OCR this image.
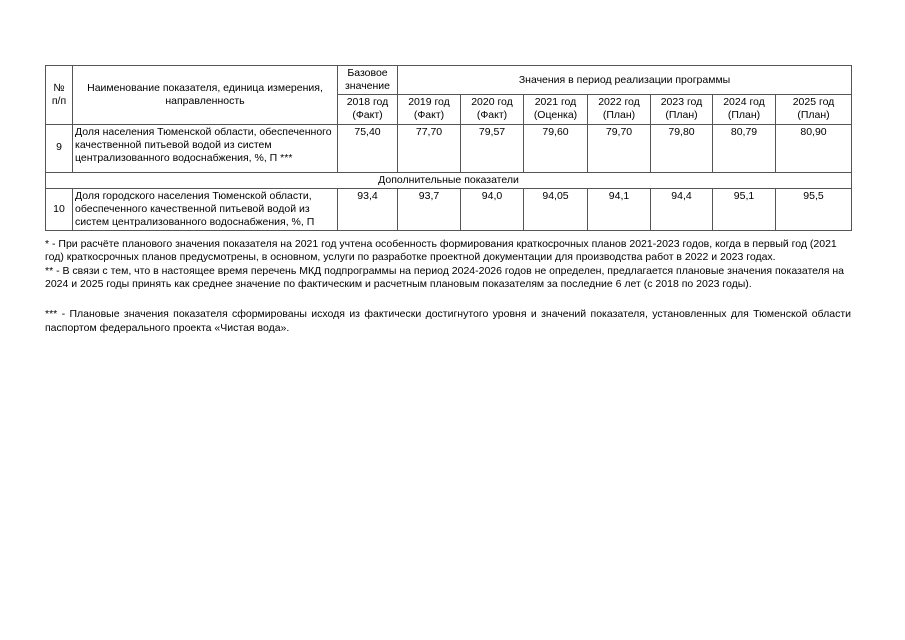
№ п/п	Наименование показателя, единица измерения, направленность	Базовое значение	Значения в период реализации программы						
		2018 год (Факт)	2019 год (Факт)	2020 год (Факт)	2021 год (Оценка)	2022 год (План)	2023 год (План)	2024 год (План)	2025 год (План)
9	Доля населения Тюменской области, обеспеченного качественной питьевой водой из систем централизованного водоснабжения, %, П ***	75,40	77,70	79,57	79,60	79,70	79,80	80,79	80,90
Дополнительные показатели									
10	Доля городского населения Тюменской области, обеспеченного качественной питьевой водой из систем централизованного водоснабжения, %, П	93,4	93,7	94,0	94,05	94,1	94,4	95,1	95,5

* - При расчёте планового значения показателя на 2021 год учтена особенность формирования краткосрочных планов 2021-2023 годов, когда в первый год (2021 год) краткосрочных планов предусмотрены, в основном, услуги по разработке проектной документации для производства работ в 2022 и 2023 годах.

** - В связи с тем, что в настоящее время перечень МКД подпрограммы на период 2024-2026 годов не определен, предлагается плановые значения показателя на 2024 и 2025 годы принять как среднее значение по фактическим и расчетным плановым показателям за последние 6 лет (с 2018 по 2023 годы).

*** - Плановые значения показателя сформированы исходя из фактически достигнутого уровня и значений показателя, установленных для Тюменской области паспортом федерального проекта «Чистая вода».
